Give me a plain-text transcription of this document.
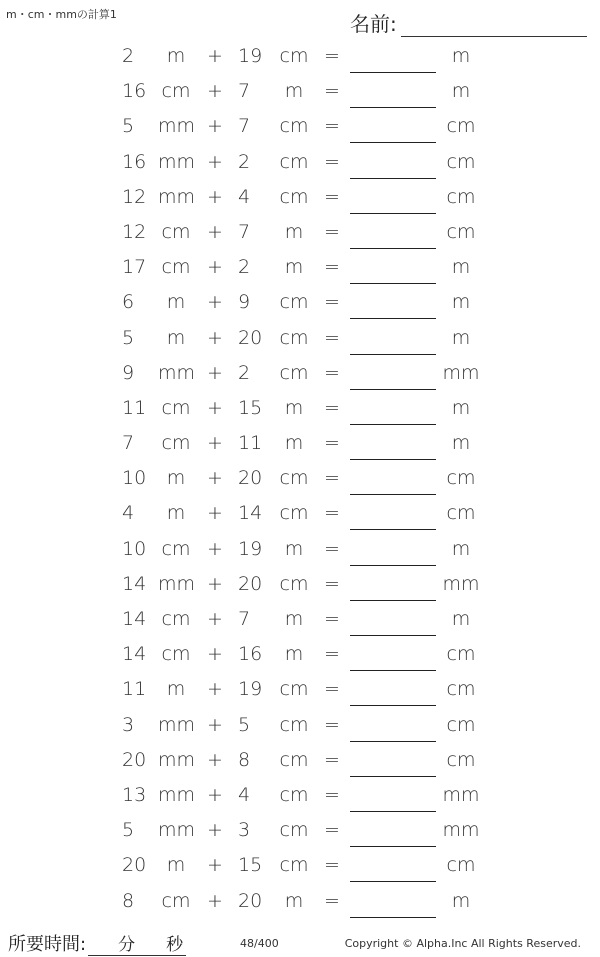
m・cm・mmの計算1	名前:
2	m	+ 19 cm =	m
16 cm + 7	m	=	m
5	mm + 7	cm =	cm
16 mm + 2	cm =	cm
12 mm + 4	cm =	cm
12 cm + 7	m	=	cm
17 cm + 2	m	=	m
6	m	+ 9	cm =	m
5	m	+ 20 cm =	m
9	mm + 2	cm =	mm
11 cm + 15	m	=	m
7	cm + 11	m	=	m
10	m	+ 20 cm =	cm
4	m	+ 14 cm =	cm
10 cm + 19	m	=	m
14 mm + 20 cm =	mm
14 cm + 7	m	=	m
14 cm + 16	m	=	cm
11	m	+ 19 cm =	cm
3	mm + 5	cm =	cm
20 mm + 8	cm =	cm
13 mm + 4	cm =	mm
5	mm + 3	cm =	mm
20	m	+ 15 cm =	cm
8	cm + 20	m	=	m
所要時間: 分 秒	48/400	Copyright © Alpha.Inc All Rights Reserved.
